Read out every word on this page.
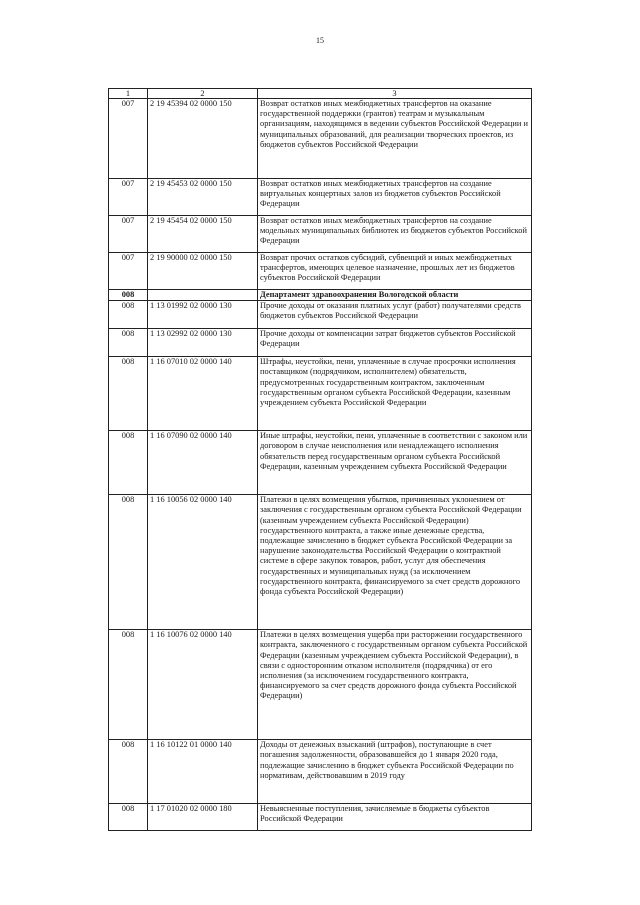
15
1	2	3
007	2 19 45394 02 0000 150	Возврат остатков иных межбюджетных трансфертов на оказание государственной поддержки (грантов) театрам и музыкальным организациям, находящимся в ведении субъектов Российской Федерации и муниципальных образований, для реализации творческих проектов, из бюджетов субъектов Российской Федерации
007	2 19 45453 02 0000 150	Возврат остатков иных межбюджетных трансфертов на создание виртуальных концертных залов из бюджетов субъектов Российской Федерации
007	2 19 45454 02 0000 150	Возврат остатков иных межбюджетных трансфертов на создание модельных муниципальных библиотек из бюджетов субъектов Российской Федерации
007	2 19 90000 02 0000 150	Возврат прочих остатков субсидий, субвенций и иных межбюджетных трансфертов, имеющих целевое назначение, прошлых лет из бюджетов субъектов Российской Федерации
008		Департамент здравоохранения Вологодской области
008	1 13 01992 02 0000 130	Прочие доходы от оказания платных услуг (работ) получателями средств бюджетов субъектов Российской Федерации
008	1 13 02992 02 0000 130	Прочие доходы от компенсации затрат бюджетов субъектов Российской Федерации
008	1 16 07010 02 0000 140	Штрафы, неустойки, пени, уплаченные в случае просрочки исполнения поставщиком (подрядчиком, исполнителем) обязательств, предусмотренных государственным контрактом, заключенным государственным органом субъекта Российской Федерации, казенным учреждением субъекта Российской Федерации
008	1 16 07090 02 0000 140	Иные штрафы, неустойки, пени, уплаченные в соответствии с законом или договором в случае неисполнения или ненадлежащего исполнения обязательств перед государственным органом субъекта Российской Федерации, казенным учреждением субъекта Российской Федерации
008	1 16 10056 02 0000 140	Платежи в целях возмещения убытков, причиненных уклонением от заключения с государственным органом субъекта Российской Федерации (казенным учреждением субъекта Российской Федерации) государственного контракта, а также иные денежные средства, подлежащие зачислению в бюджет субъекта Российской Федерации за нарушение законодательства Российской Федерации о контрактной системе в сфере закупок товаров, работ, услуг для обеспечения государственных и муниципальных нужд (за исключением государственного контракта, финансируемого за счет средств дорожного фонда субъекта Российской Федерации)
008	1 16 10076 02 0000 140	Платежи в целях возмещения ущерба при расторжении государственного контракта, заключенного с государственным органом субъекта Российской Федерации (казенным учреждением субъекта Российской Федерации), в связи с односторонним отказом исполнителя (подрядчика) от его исполнения (за исключением государственного контракта, финансируемого за счет средств дорожного фонда субъекта Российской Федерации)
008	1 16 10122 01 0000 140	Доходы от денежных взысканий (штрафов), поступающие в счет погашения задолженности, образовавшейся до 1 января 2020 года, подлежащие зачислению в бюджет субъекта Российской Федерации по нормативам, действовавшим в 2019 году
008	1 17 01020 02 0000 180	Невыясненные поступления, зачисляемые в бюджеты субъектов Российской Федерации
